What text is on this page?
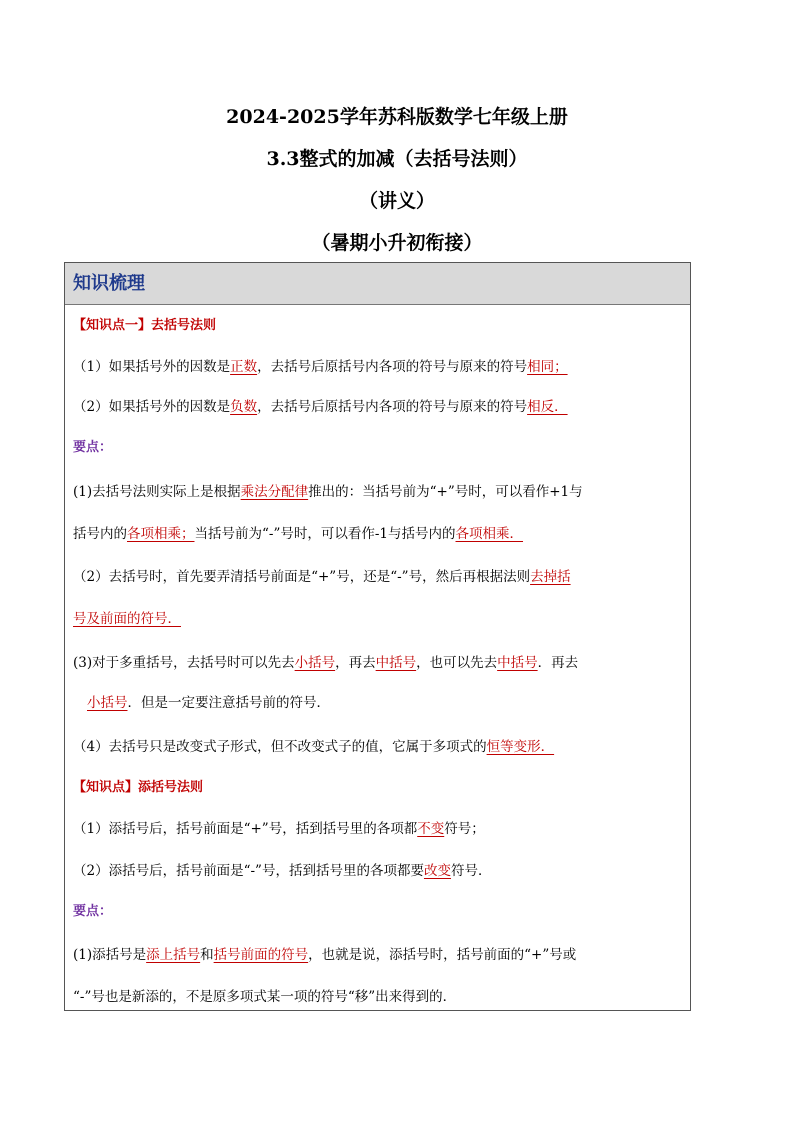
2024-2025学年苏科版数学七年级上册
3.3整式的加减（去括号法则）
（讲义）
（暑期小升初衔接）
知识梳理
【知识点一】去括号法则
（1）如果括号外的因数是正数，去括号后原括号内各项的符号与原来的符号相同；
（2）如果括号外的因数是负数，去括号后原括号内各项的符号与原来的符号相反．
要点：
(1)去括号法则实际上是根据乘法分配律推出的：当括号前为“+”号时，可以看作+1与
括号内的各项相乘；当括号前为“-”号时，可以看作-1与括号内的各项相乘．
（2）去括号时，首先要弄清括号前面是“+”号，还是“-”号，然后再根据法则去掉括
号及前面的符号．
(3)对于多重括号，去括号时可以先去小括号，再去中括号，也可以先去中括号．再去
小括号．但是一定要注意括号前的符号．
（4）去括号只是改变式子形式，但不改变式子的值，它属于多项式的恒等变形．
【知识点】添括号法则
（1）添括号后，括号前面是“+”号，括到括号里的各项都不变符号；
（2）添括号后，括号前面是“-”号，括到括号里的各项都要改变符号．
要点：
(1)添括号是添上括号和括号前面的符号，也就是说，添括号时，括号前面的“+”号或
“-”号也是新添的，不是原多项式某一项的符号“移”出来得到的．
